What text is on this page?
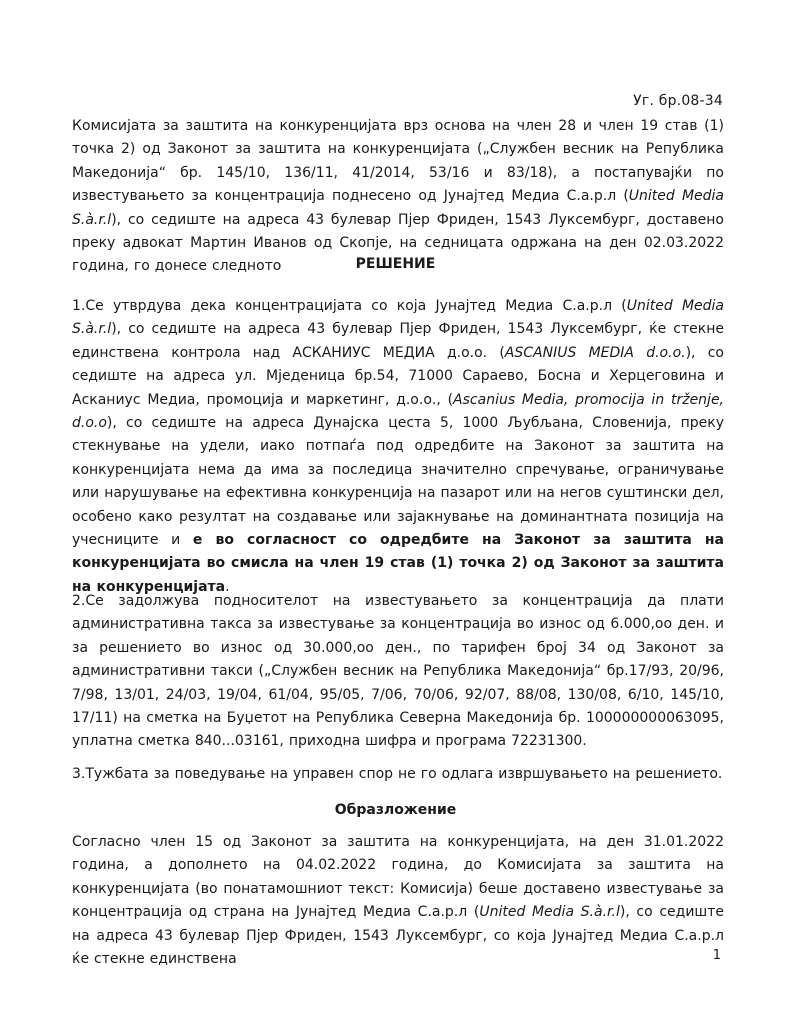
Уг. бр.08-34
Комисијата за заштита на конкуренцијата врз основа на член 28 и член 19 став (1) точка 2) од Законот за заштита на конкуренцијата („Службен весник на Република Македонија“ бр. 145/10, 136/11, 41/2014, 53/16 и 83/18), а постапувајќи по известувањето за концентрација поднесено од Јунајтед Медиа С.а.р.л (United Media S.à.r.l), со седиште на адреса 43 булевар Пјер Фриден, 1543 Луксембург, доставено преку адвокат Мартин Иванов од Скопје, на седницата одржана на ден 02.03.2022 година, го донесе следното	РЕШЕНИЕ
1.Се утврдува дека концентрацијата со која Јунајтед Медиа С.а.р.л (United Media S.à.r.l), со седиште на адреса 43 булевар Пјер Фриден, 1543 Луксембург, ќе стекне единствена контрола над АСКАНИУС МЕДИА д.о.о. (ASCANIUS MEDIA d.o.o.), со седиште на адреса ул. Мједеница бр.54, 71000 Сараево, Босна и Херцеговина и Асканиус Медиа, промоција и маркетинг, д.о.о., (Ascanius Media, promocija in trženje, d.o.o), со седиште на адреса Дунајска цеста 5, 1000 Љубљана, Словенија, преку стекнување на удели, иако потпаѓа под одредбите на Законот за заштита на конкуренцијата нема да има за последица значително спречување, ограничување или нарушување на ефективна конкуренција на пазарот или на негов суштински дел, особено како резултат на создавање или зајакнување на доминантната позиција на учесниците и е во согласност со одредбите на Законот за заштита на конкуренцијата во смисла на член 19 став (1) точка 2) од Законот за заштита на конкуренцијата.
2.Се задолжува подносителот на известувањето за концентрација да плати административна такса за известување за концентрација во износ од 6.000,оо ден. и за решението во износ од 30.000,оо ден., по тарифен број 34 од Законот за административни такси („Службен весник на Република Македонија“ бр.17/93, 20/96, 7/98, 13/01, 24/03, 19/04, 61/04, 95/05, 7/06, 70/06, 92/07, 88/08, 130/08, 6/10, 145/10, 17/11) на сметка на Буџетот на Република Северна Македонија бр. 100000000063095, уплатна сметка 840...03161, приходна шифра и програма 72231300.
3.Тужбата за поведување на управен спор не го одлага извршувањето на решението.
Образложение
Согласно член 15 од Законот за заштита на конкуренцијата, на ден 31.01.2022 година, а дополнето на 04.02.2022 година, до Комисијата за заштита на конкуренцијата (во понатамошниот текст: Комисија) беше доставено известување за концентрација од страна на Јунајтед Медиа С.а.р.л (United Media S.à.r.l), со седиште на адреса 43 булевар Пјер Фриден, 1543 Луксембург, со која Јунајтед Медиа С.а.р.л ќе стекне единствена	1
